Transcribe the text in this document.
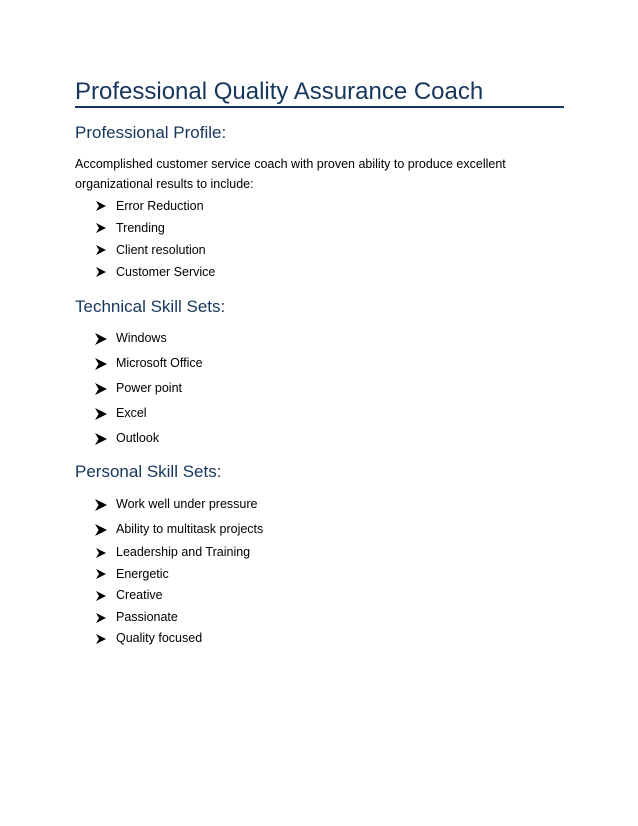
Professional Quality Assurance Coach
Professional Profile:

Accomplished customer service coach with proven ability to produce excellent organizational results to include:

Error Reduction
Trending
Client resolution
Customer Service
Technical Skill Sets:
Windows
Microsoft Office
Power point
Excel
Outlook
Personal Skill Sets:
Work well under pressure
Ability to multitask projects
Leadership and Training
Energetic
Creative
Passionate
Quality focused
